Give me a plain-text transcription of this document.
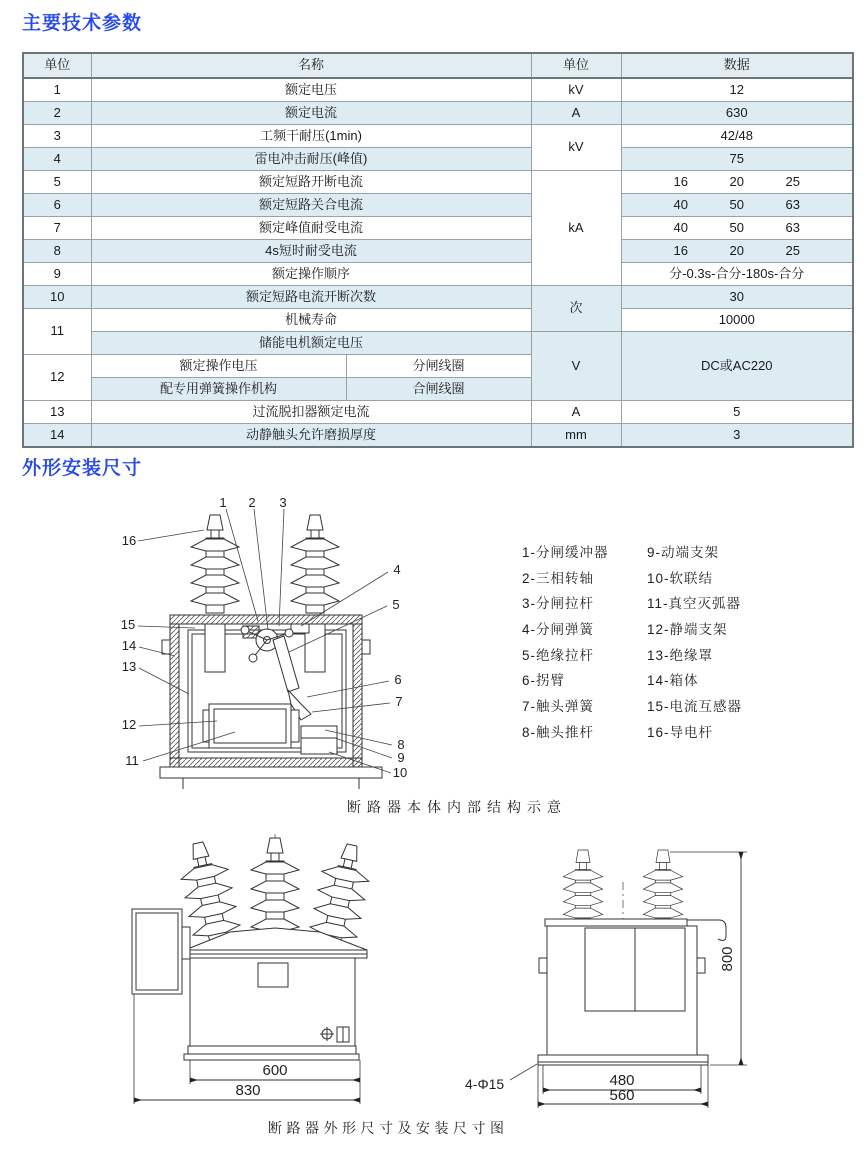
主要技术参数
单位	名称		单位	数据
1	额定电压		kV	12
2	额定电流		A	630
3	工频干耐压(1min)		kV	42/48
4	雷电冲击耐压(峰值)			75
5	额定短路开断电流		kA	16 20 25

6	额定短路关合电流			40 50 63

7	额定峰值耐受电流			40 50 63

8	4s短时耐受电流			16 20 25

9	额定操作顺序			分-0.3s-合分-180s-合分
10	额定短路电流开断次数		次	30
11	机械寿命			10000
	储能电机额定电压		V	DC或AC220
12	额定操作电压	分闸线圈		
	配专用弹簧操作机构	合闸线圈		
13	过流脱扣器额定电流		A	5
14	动静触头允许磨损厚度		mm	3
外形安装尺寸
1 2 3
4
5
6
7
8
9
10
11
12
13
14
15
16
1-分闸缓冲器
2-三相转轴
3-分闸拉杆
4-分闸弹簧
5-绝缘拉杆
6-拐臂
7-触头弹簧
8-触头推杆
9-动端支架
10-软联结
11-真空灭弧器
12-静端支架
13-绝缘罩
14-箱体
15-电流互感器
16-导电杆
断路器本体内部结构示意
600
830
800
480
560
4-Φ15
断路器外形尺寸及安装尺寸图
